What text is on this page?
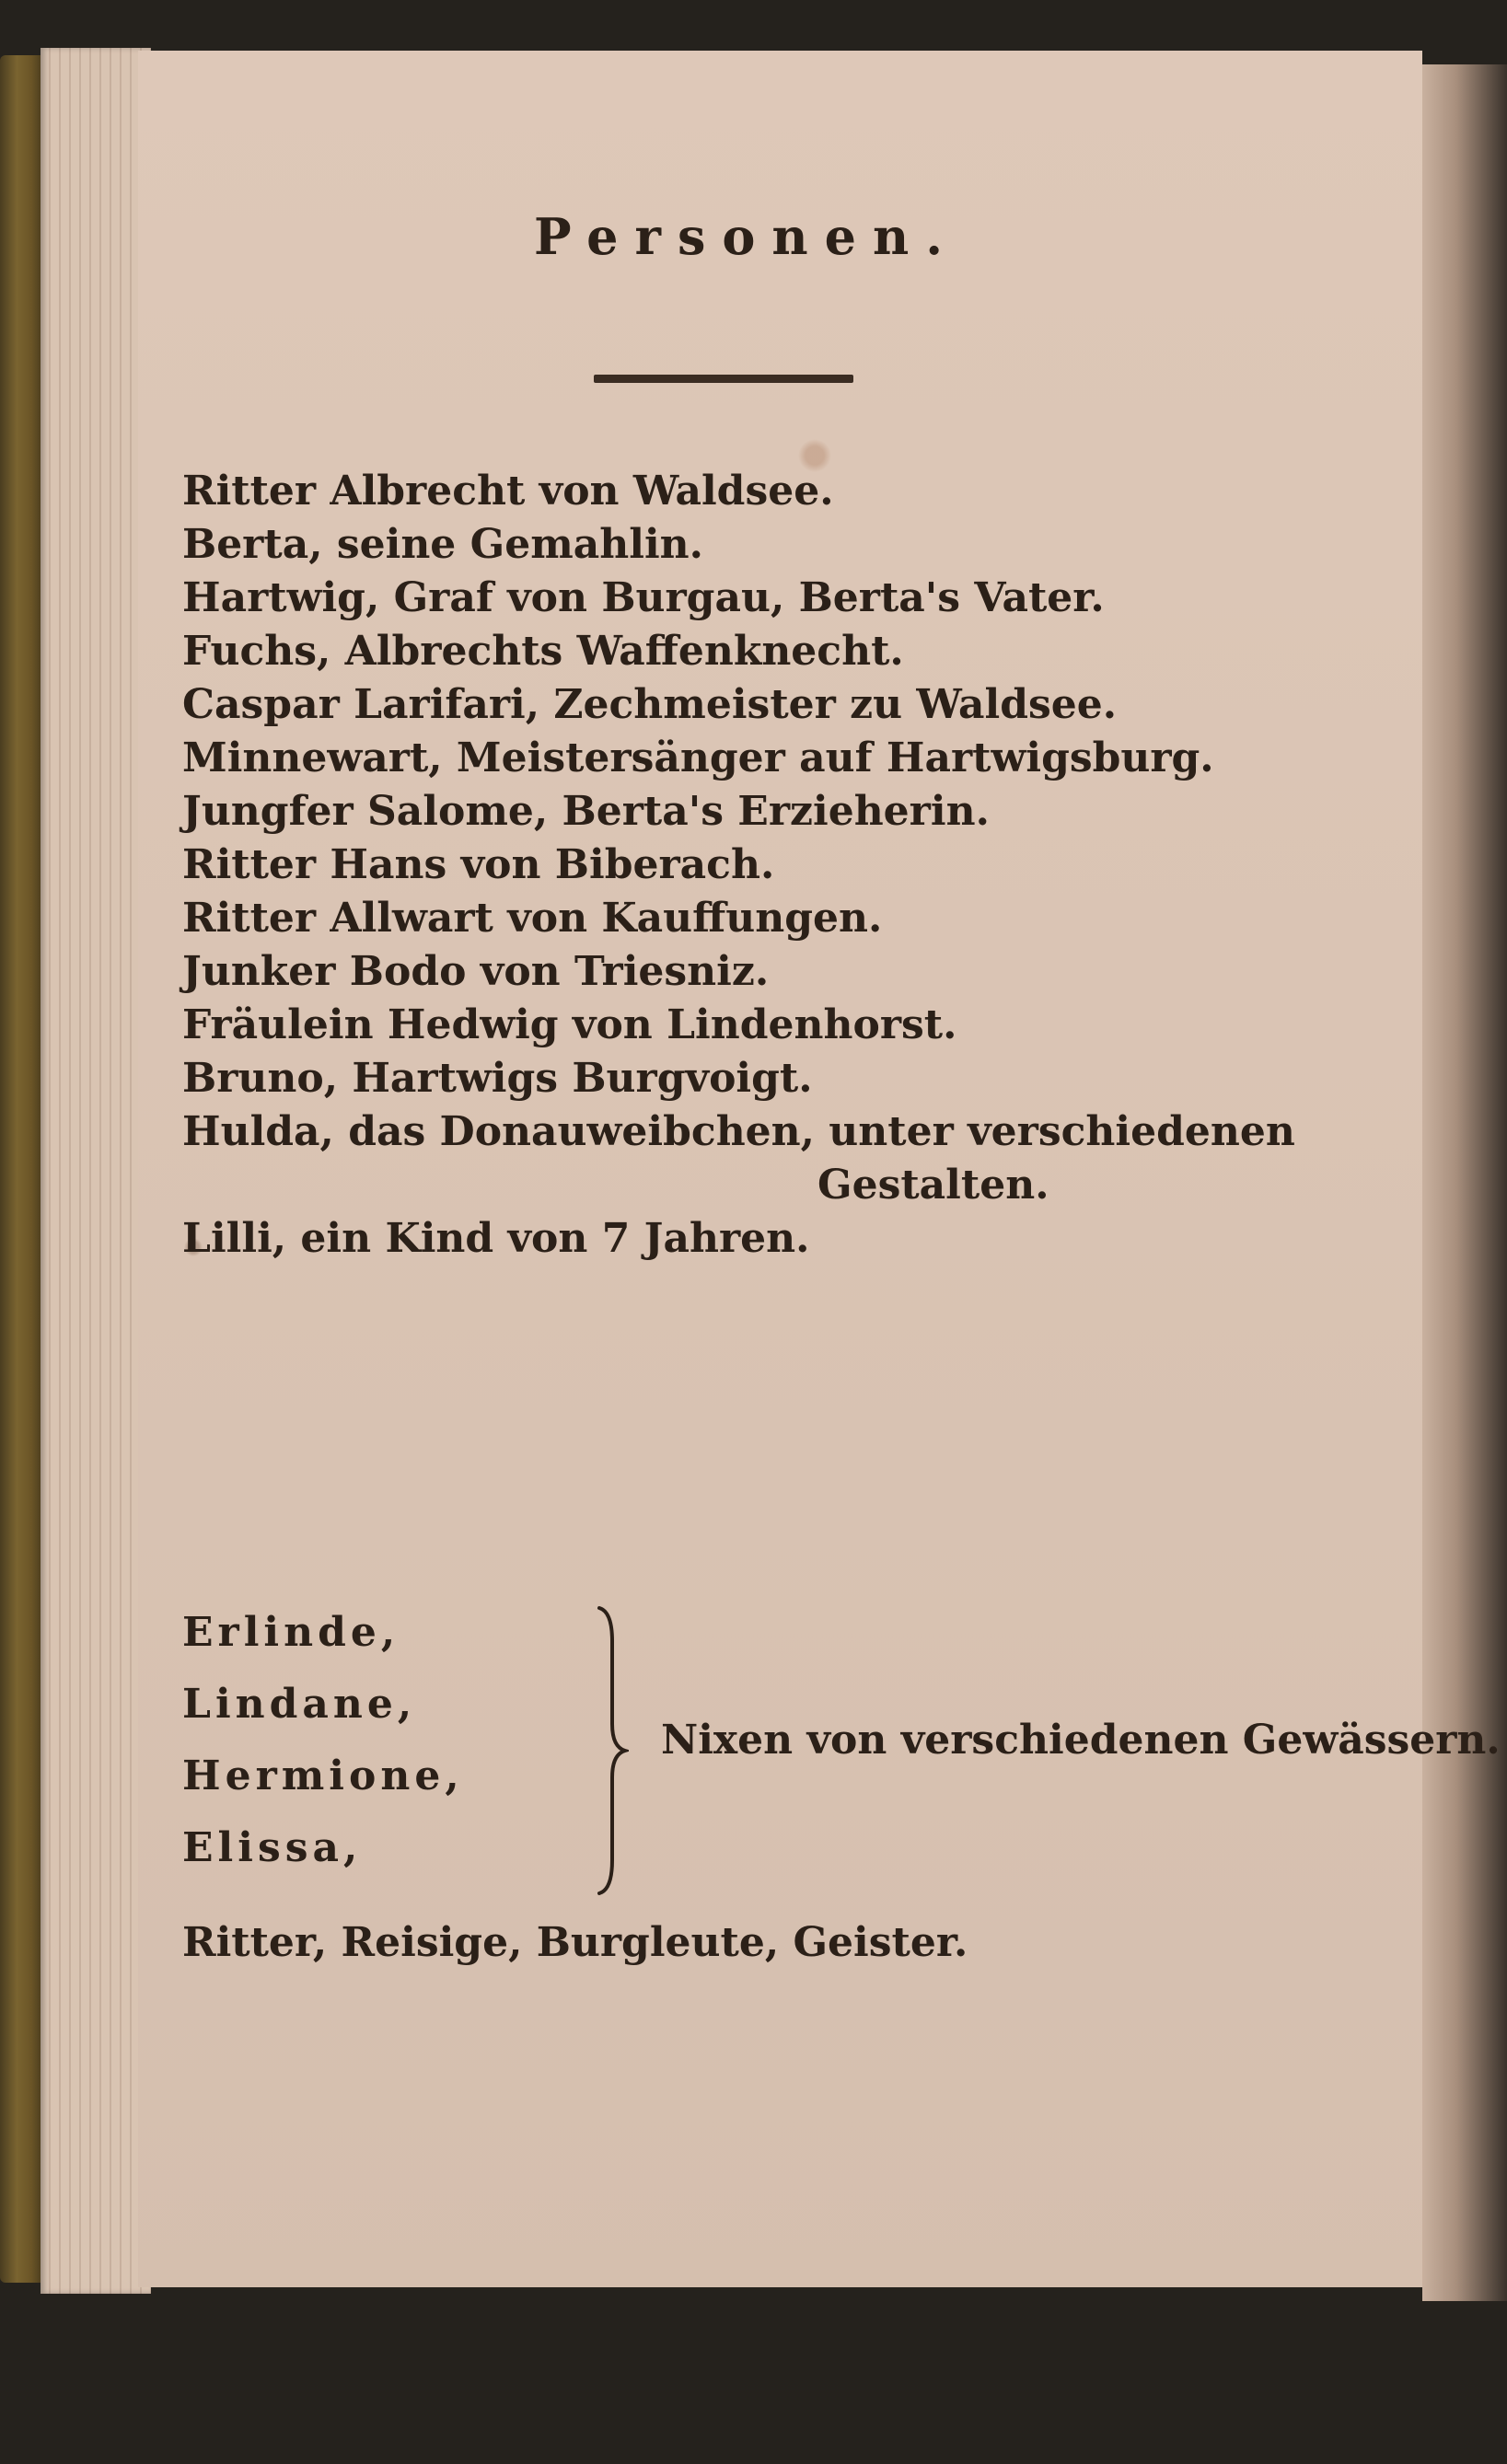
Personen.
Ritter Albrecht von Waldsee.
Berta, seine Gemahlin.
Hartwig, Graf von Burgau, Berta's Vater.
Fuchs, Albrechts Waffenknecht.
Caspar Larifari, Zechmeister zu Waldsee.
Minnewart, Meistersänger auf Hartwigsburg.
Jungfer Salome, Berta's Erzieherin.
Ritter Hans von Biberach.
Ritter Allwart von Kauffungen.
Junker Bodo von Triesniz.
Fräulein Hedwig von Lindenhorst.
Bruno, Hartwigs Burgvoigt.
Hulda, das Donauweibchen, unter verschiedenen
Gestalten.
Lilli, ein Kind von 7 Jahren.
Erlinde,
Lindane,
Hermione,
Elissa,
Nixen von verschiedenen Gewässern.
Ritter, Reisige, Burgleute, Geister.
